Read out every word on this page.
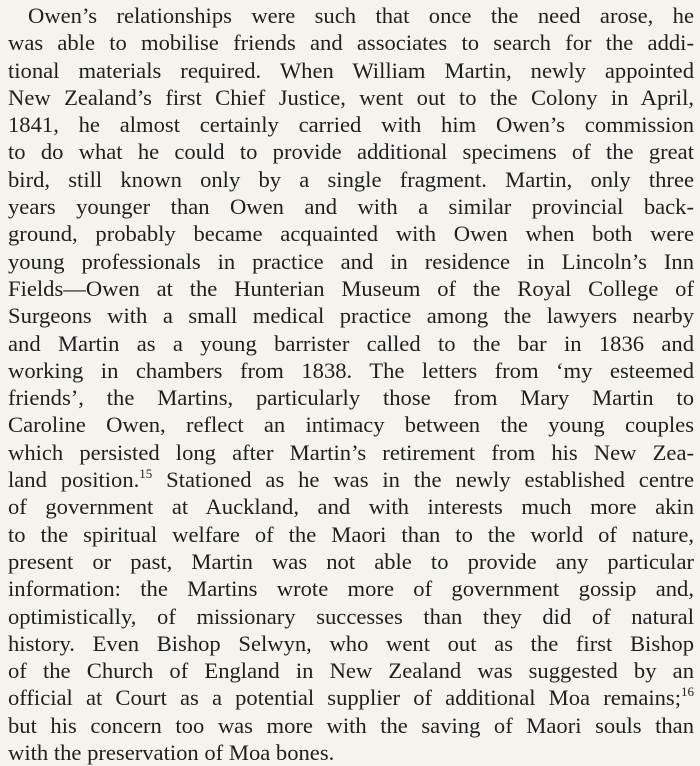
Owen’s relationships were such that once the need arose, he
was able to mobilise friends and associates to search for the addi-
tional materials required. When William Martin, newly appointed
New Zealand’s first Chief Justice, went out to the Colony in April,
1841, he almost certainly carried with him Owen’s commission
to do what he could to provide additional specimens of the great
bird, still known only by a single fragment. Martin, only three
years younger than Owen and with a similar provincial back-
ground, probably became acquainted with Owen when both were
young professionals in practice and in residence in Lincoln’s Inn
Fields—Owen at the Hunterian Museum of the Royal College of
Surgeons with a small medical practice among the lawyers nearby
and Martin as a young barrister called to the bar in 1836 and
working in chambers from 1838. The letters from ‘my esteemed
friends’, the Martins, particularly those from Mary Martin to
Caroline Owen, reflect an intimacy between the young couples
which persisted long after Martin’s retirement from his New Zea-
land position.$^{15}$ Stationed as he was in the newly established centre
of government at Auckland, and with interests much more akin
to the spiritual welfare of the Maori than to the world of nature,
present or past, Martin was not able to provide any particular
information: the Martins wrote more of government gossip and,
optimistically, of missionary successes than they did of natural
history. Even Bishop Selwyn, who went out as the first Bishop
of the Church of England in New Zealand was suggested by an
official at Court as a potential supplier of additional Moa remains;$^{16}$
but his concern too was more with the saving of Maori souls than
with the preservation of Moa bones.
